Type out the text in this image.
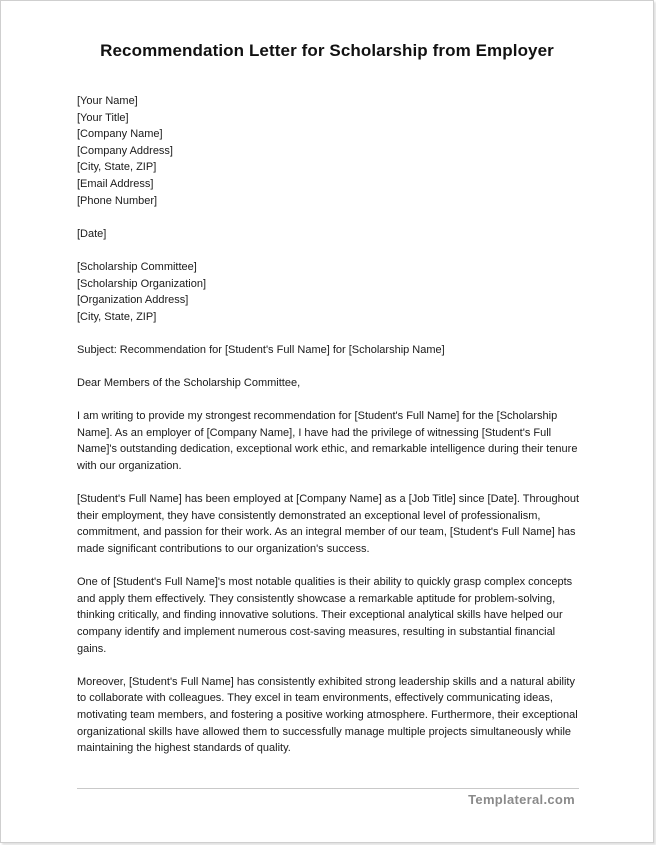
Recommendation Letter for Scholarship from Employer
[Your Name]
[Your Title]
[Company Name]
[Company Address]
[City, State, ZIP]
[Email Address]
[Phone Number]
[Date]
[Scholarship Committee]
[Scholarship Organization]
[Organization Address]
[City, State, ZIP]
Subject: Recommendation for [Student's Full Name] for [Scholarship Name]
Dear Members of the Scholarship Committee,

I am writing to provide my strongest recommendation for [Student's Full Name] for the [Scholarship Name]. As an employer of [Company Name], I have had the privilege of witnessing [Student's Full Name]'s outstanding dedication, exceptional work ethic, and remarkable intelligence during their tenure with our organization.

[Student's Full Name] has been employed at [Company Name] as a [Job Title] since [Date]. Throughout their employment, they have consistently demonstrated an exceptional level of professionalism, commitment, and passion for their work. As an integral member of our team, [Student's Full Name] has made significant contributions to our organization's success.

One of [Student's Full Name]'s most notable qualities is their ability to quickly grasp complex concepts and apply them effectively. They consistently showcase a remarkable aptitude for problem-solving, thinking critically, and finding innovative solutions. Their exceptional analytical skills have helped our company identify and implement numerous cost-saving measures, resulting in substantial financial gains.

Moreover, [Student's Full Name] has consistently exhibited strong leadership skills and a natural ability to collaborate with colleagues. They excel in team environments, effectively communicating ideas, motivating team members, and fostering a positive working atmosphere. Furthermore, their exceptional organizational skills have allowed them to successfully manage multiple projects simultaneously while maintaining the highest standards of quality.

Templateral.com
